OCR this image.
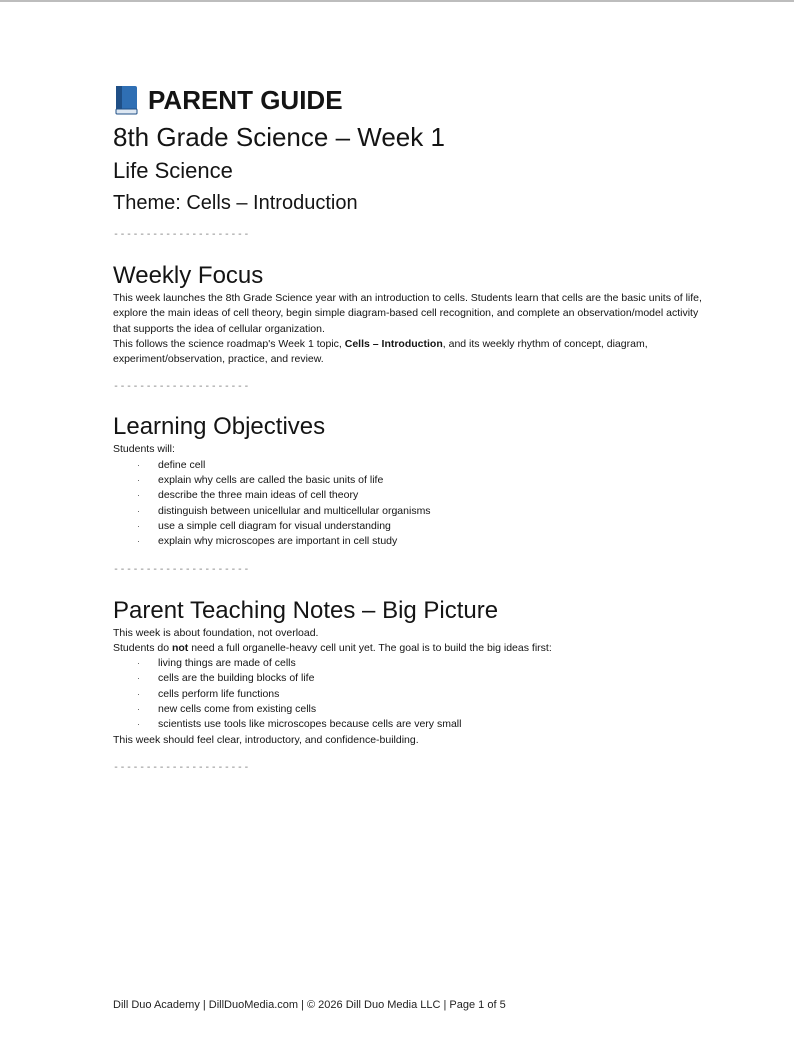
PARENT GUIDE
8th Grade Science – Week 1
Life Science
Theme: Cells – Introduction
---------------------
Weekly Focus

This week launches the 8th Grade Science year with an introduction to cells. Students learn that cells are the basic units of life, explore the main ideas of cell theory, begin simple diagram-based cell recognition, and complete an observation/model activity that supports the idea of cellular organization.

This follows the science roadmap's Week 1 topic, Cells – Introduction, and its weekly rhythm of concept, diagram, experiment/observation, practice, and review.

---------------------
Learning Objectives

Students will:

· define cell
· explain why cells are called the basic units of life
· describe the three main ideas of cell theory
· distinguish between unicellular and multicellular organisms
· use a simple cell diagram for visual understanding
· explain why microscopes are important in cell study
---------------------
Parent Teaching Notes – Big Picture

This week is about foundation, not overload.

Students do not need a full organelle-heavy cell unit yet. The goal is to build the big ideas first:

· living things are made of cells
· cells are the building blocks of life
· cells perform life functions
· new cells come from existing cells
· scientists use tools like microscopes because cells are very small

This week should feel clear, introductory, and confidence-building.

---------------------
Dill Duo Academy | DillDuoMedia.com | © 2026 Dill Duo Media LLC | Page 1 of 5
